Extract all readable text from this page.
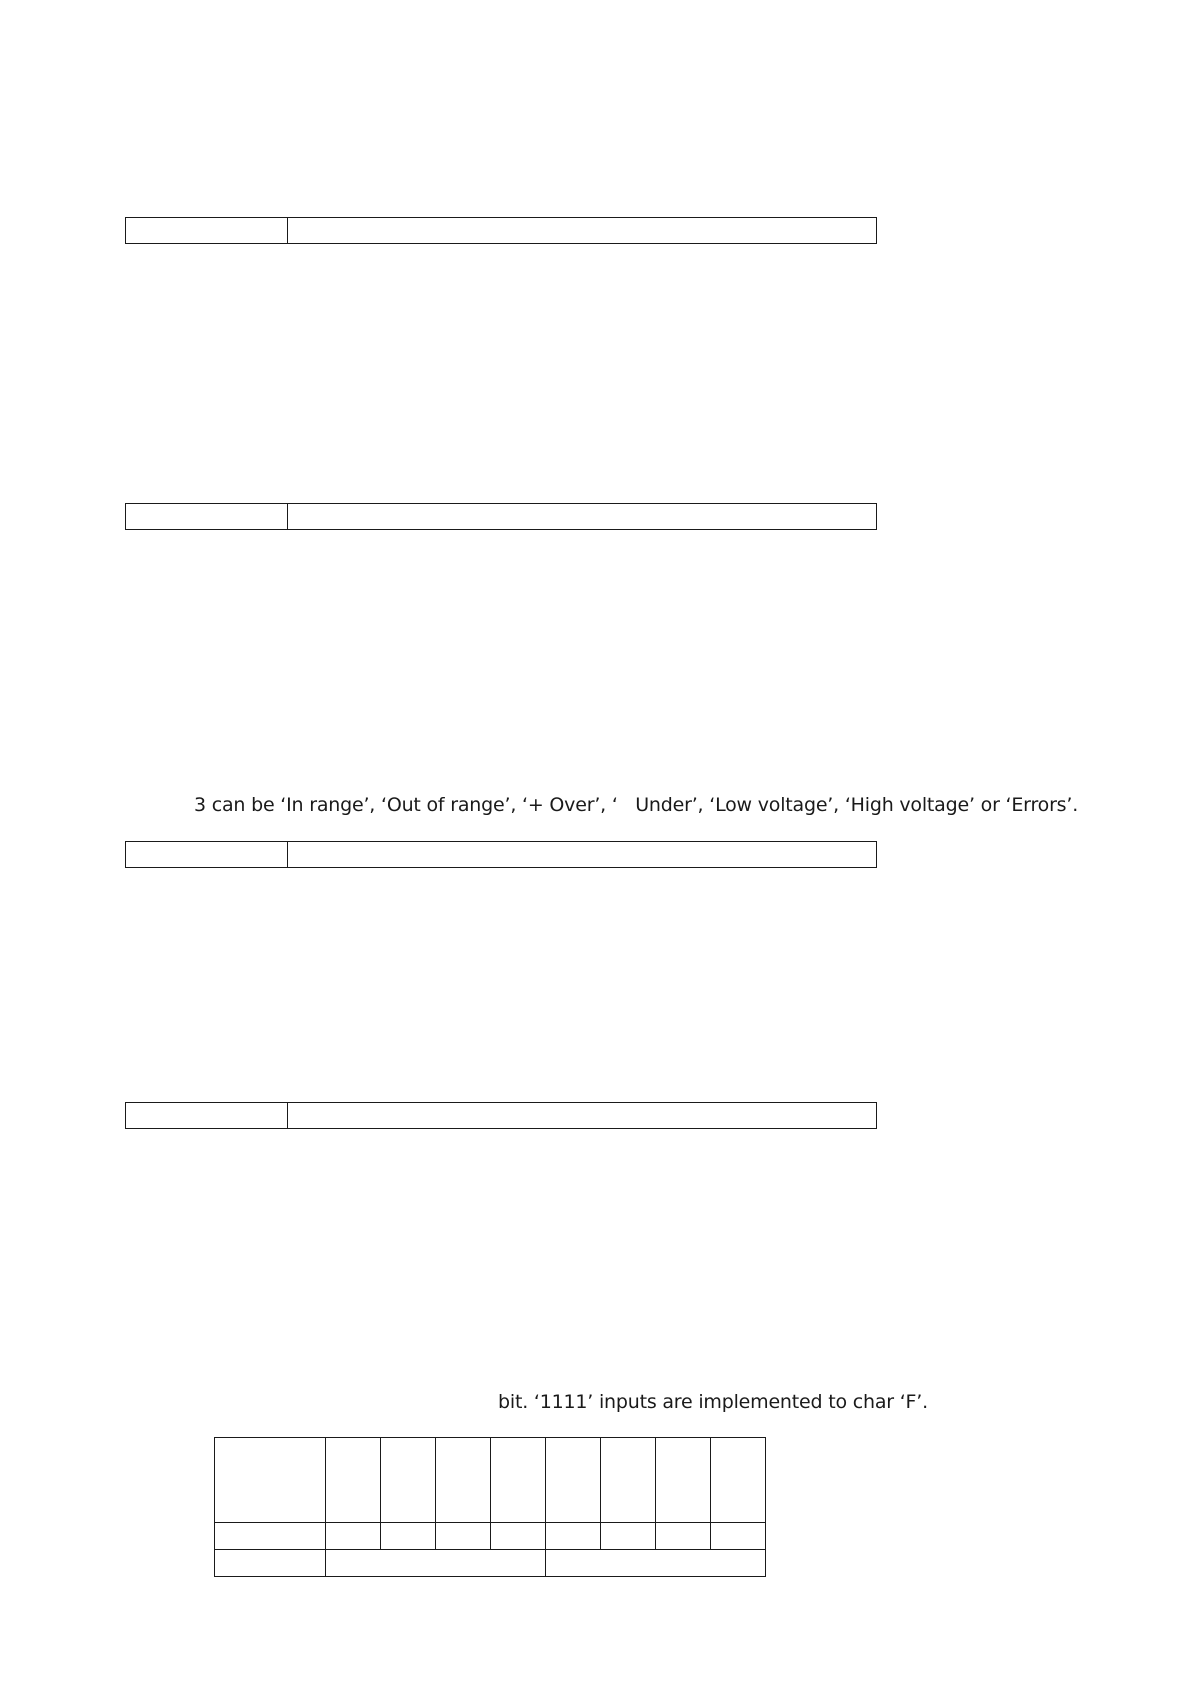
3 can be ‘In range’, ‘Out of range’, ‘+ Over’, ‘   Under’, ‘Low voltage’, ‘High voltage’ or ‘Errors’.
bit. ‘1111’ inputs are implemented to char ‘F’.
